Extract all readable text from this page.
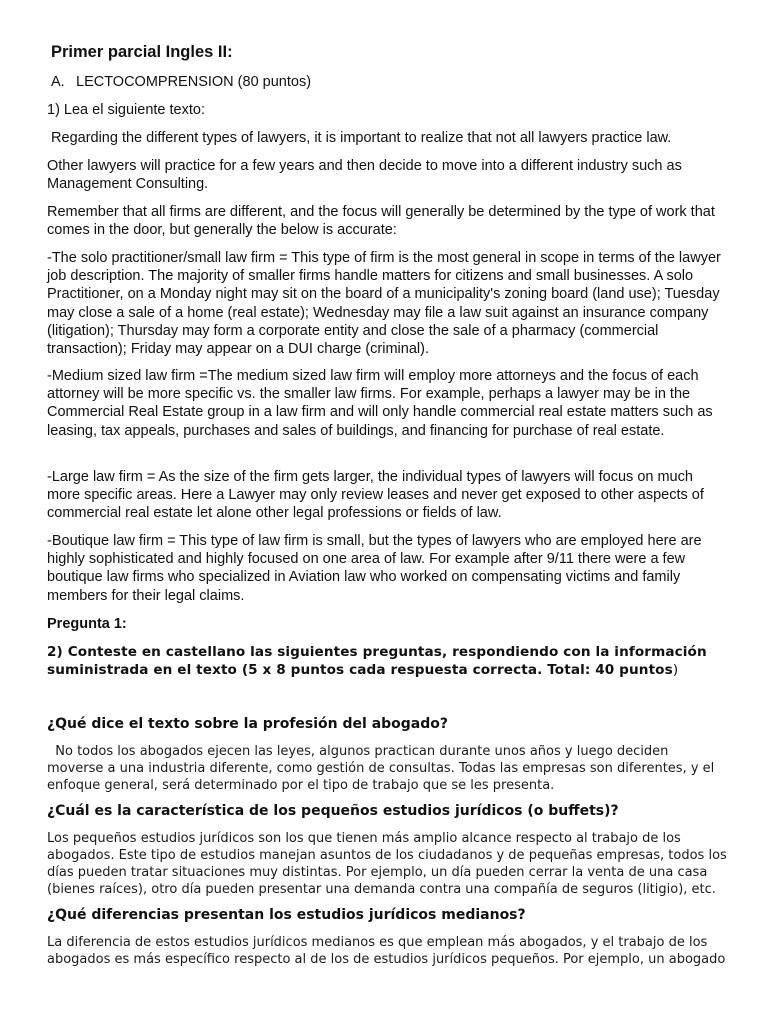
Primer parcial Ingles II:
A. LECTOCOMPRENSION (80 puntos)

1) Lea el siguiente texto:

Regarding the different types of lawyers, it is important to realize that not all lawyers practice law.

Other lawyers will practice for a few years and then decide to move into a different industry such as Management Consulting.

Remember that all firms are different, and the focus will generally be determined by the type of work that comes in the door, but generally the below is accurate:

-The solo practitioner/small law firm = This type of firm is the most general in scope in terms of the lawyer job description. The majority of smaller firms handle matters for citizens and small businesses. A solo Practitioner, on a Monday night may sit on the board of a municipality's zoning board (land use); Tuesday may close a sale of a home (real estate); Wednesday may file a law suit against an insurance company (litigation); Thursday may form a corporate entity and close the sale of a pharmacy (commercial transaction); Friday may appear on a DUI charge (criminal).

-Medium sized law firm =The medium sized law firm will employ more attorneys and the focus of each attorney will be more specific vs. the smaller law firms. For example, perhaps a lawyer may be in the Commercial Real Estate group in a law firm and will only handle commercial real estate matters such as leasing, tax appeals, purchases and sales of buildings, and financing for purchase of real estate.

-Large law firm = As the size of the firm gets larger, the individual types of lawyers will focus on much more specific areas. Here a Lawyer may only review leases and never get exposed to other aspects of commercial real estate let alone other legal professions or fields of law.

-Boutique law firm = This type of law firm is small, but the types of lawyers who are employed here are highly sophisticated and highly focused on one area of law. For example after 9/11 there were a few boutique law firms who specialized in Aviation law who worked on compensating victims and family members for their legal claims.

Pregunta 1:

2) Conteste en castellano las siguientes preguntas, respondiendo con la información suministrada en el texto (5 x 8 puntos cada respuesta correcta. Total: 40 puntos)

¿Qué dice el texto sobre la profesión del abogado?

No todos los abogados ejecen las leyes, algunos practican durante unos años y luego deciden moverse a una industria diferente, como gestión de consultas. Todas las empresas son diferentes, y el enfoque general, será determinado por el tipo de trabajo que se les presenta.

¿Cuál es la característica de los pequeños estudios jurídicos (o buffets)?

Los pequeños estudios jurídicos son los que tienen más amplio alcance respecto al trabajo de los abogados. Este tipo de estudios manejan asuntos de los ciudadanos y de pequeñas empresas, todos los días pueden tratar situaciones muy distintas. Por ejemplo, un día pueden cerrar la venta de una casa (bienes raíces), otro día pueden presentar una demanda contra una compañía de seguros (litigio), etc.

¿Qué diferencias presentan los estudios jurídicos medianos?

La diferencia de estos estudios jurídicos medianos es que emplean más abogados, y el trabajo de los abogados es más específico respecto al de los de estudios jurídicos pequeños. Por ejemplo, un abogado
